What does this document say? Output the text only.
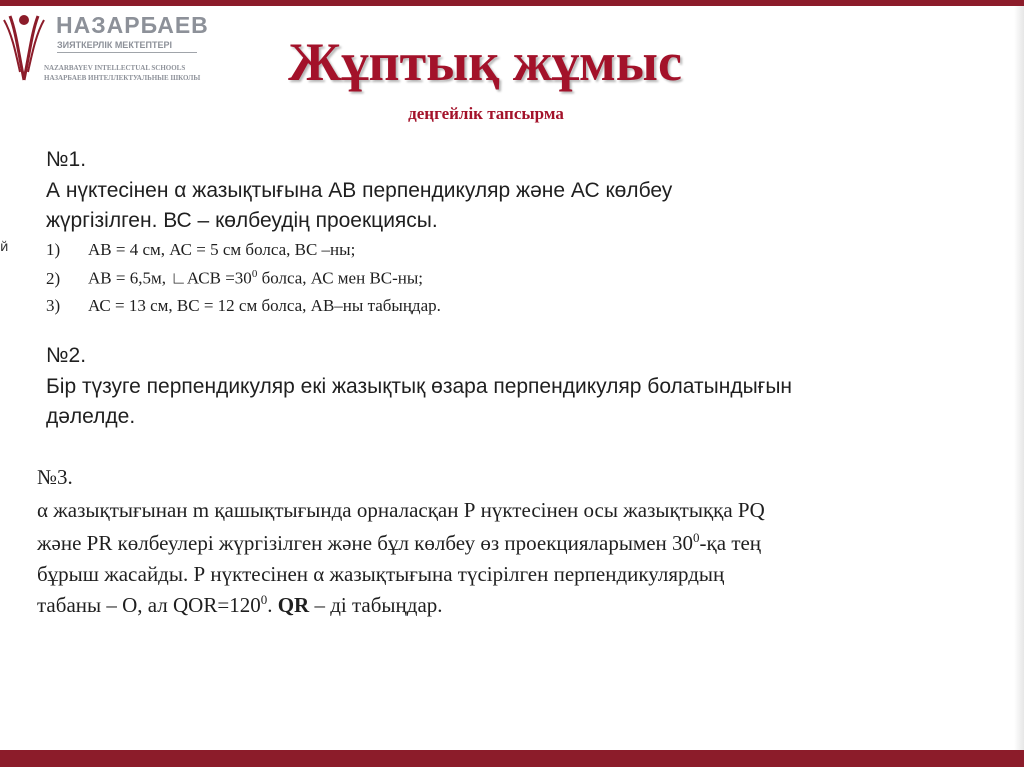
НАЗАРБАЕВ
ЗИЯТКЕРЛІК МЕКТЕПТЕРІ
NAZARBAYEV INTELLECTUAL SCHOOLS
НАЗАРБАЕВ ИНТЕЛЛЕКТУАЛЬНЫЕ ШКОЛЫ	Жұптық жұмыс
деңгейлік тапсырма
й
№1.
А нүктесінен α жазықтығына АВ перпендикуляр және АС көлбеу
жүргізілген. ВС – көлбеудің проекциясы.
1) АВ = 4 см, АС = 5 см болса, ВС –ны;
2) АВ = 6,5м, ∟АСВ $=30^0$ болса, АС мен ВС-ны;
3) АС = 13 см, ВС = 12 см болса, АВ–ны табыңдар.
№2.
Бір түзуге перпендикуляр екі жазықтық өзара перпендикуляр болатындығын
дәлелде.
№3.
α жазықтығынан m қашықтығында орналасқан Р нүктесінен осы жазықтыққа PQ
және PR көлбеулері жүргізілген және бұл көлбеу өз проекцияларымен $30^0-қа$ тең
бұрыш жасайды. Р нүктесінен α жазықтығына түсірілген перпендикулярдың
табаны – О, ал $QOR=120^0$. QR – ді табыңдар.
